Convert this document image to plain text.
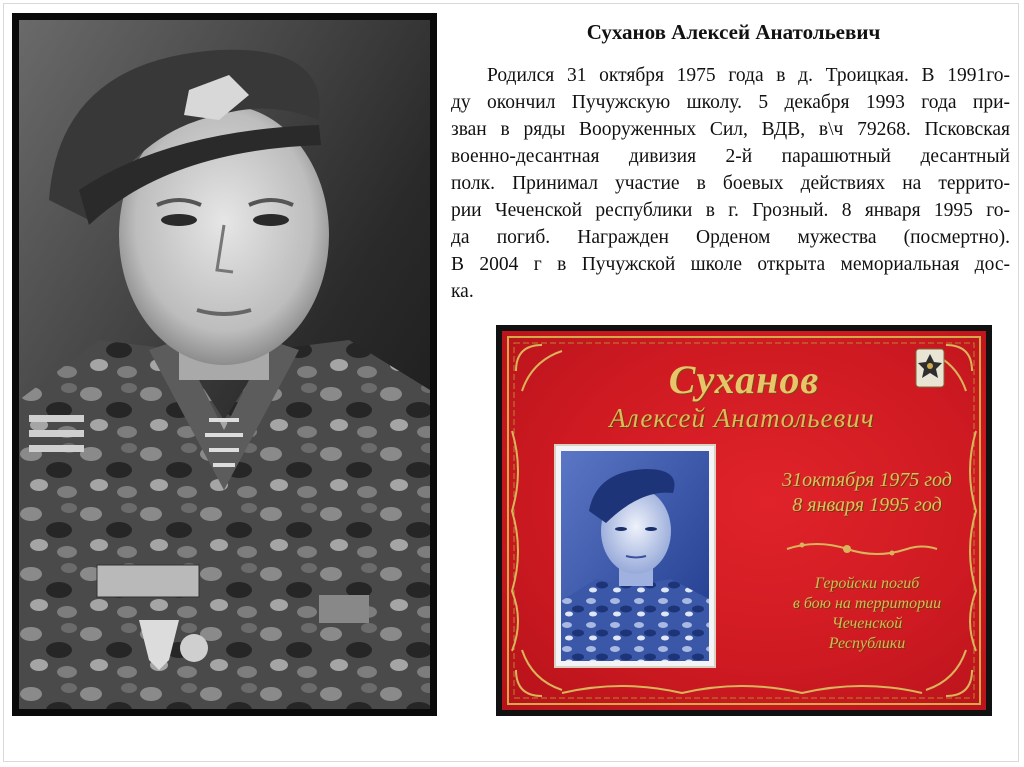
Суханов Алексей Анатольевич

Родился 31 октября 1975 года в д. Троицкая. В 1991го-
ду окончил Пучужскую школу. 5 декабря 1993 года при-
зван в ряды Вооруженных Сил, ВДВ, в\ч 79268. Псковская
военно-десантная дивизия 2-й парашютный десантный
полк. Принимал участие в боевых действиях на террито-
рии Чеченской республики в г. Грозный. 8 января 1995 го-
да погиб. Награжден Орденом мужества (посмертно).
В 2004 г в Пучужской школе открыта мемориальная дос-
ка.

Суханов
Алексей Анатольевич
31октября 1975 год
8 января 1995 год
Геройски погиб
в бою на территории
Чеченской
Республики
